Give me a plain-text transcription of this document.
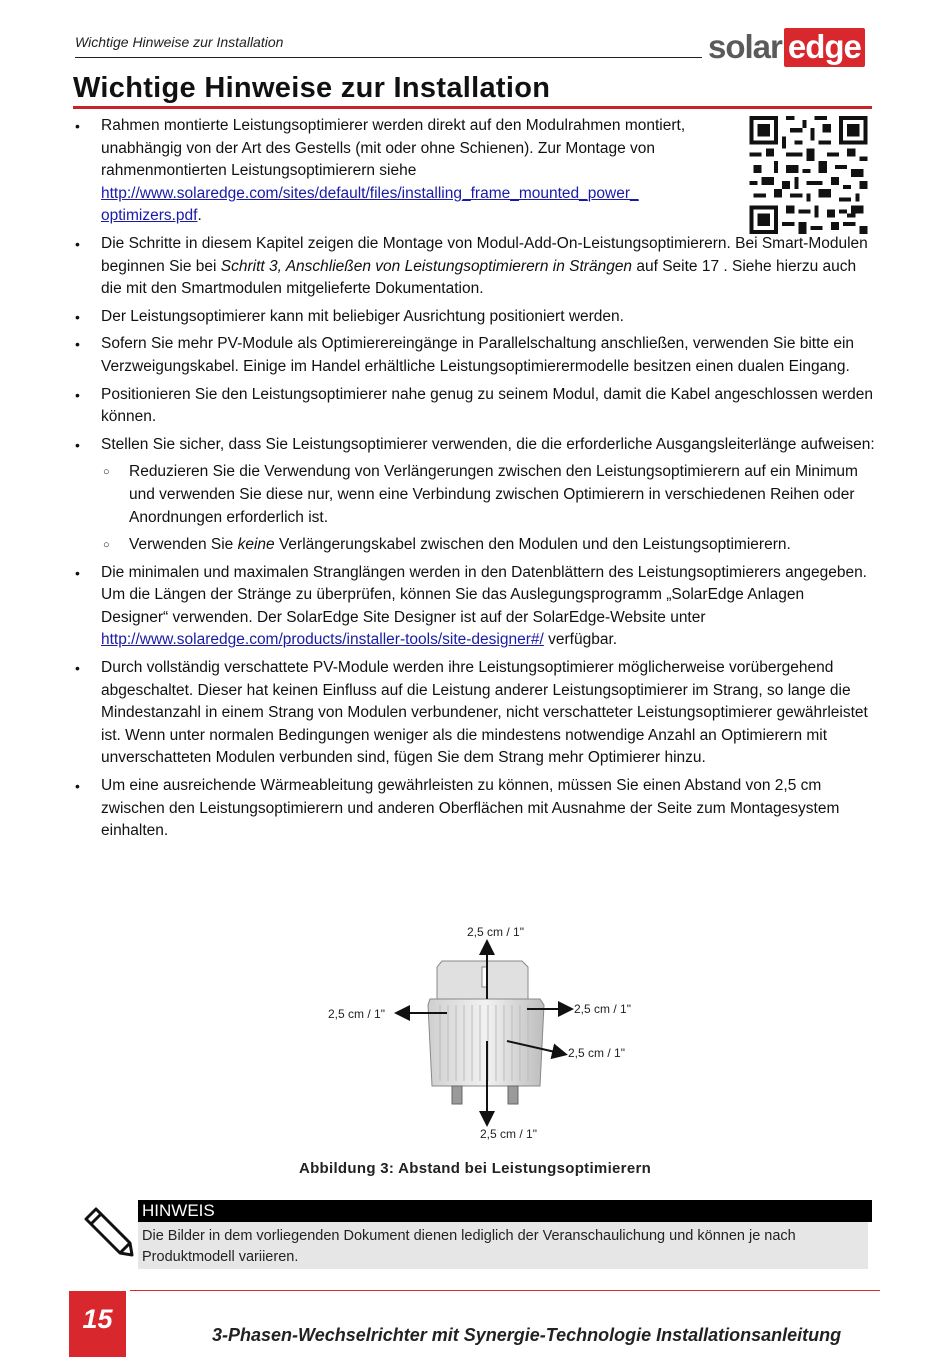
Wichtige Hinweise zur Installation	solar edge
Wichtige Hinweise zur Installation
• Rahmen montierte Leistungsoptimierer werden direkt auf den Modulrahmen montiert, unabhängig von der Art des Gestells (mit oder ohne Schienen). Zur Montage von rahmenmontierten Leistungsoptimierern siehe http://www.solaredge.com/sites/default/files/installing_frame_mounted_power_ optimizers.pdf.
• Die Schritte in diesem Kapitel zeigen die Montage von Modul-Add-On-Leistungsoptimierern. Bei Smart-Modulen beginnen Sie bei Schritt 3, Anschließen von Leistungsoptimierern in Strängen auf Seite 17 . Siehe hierzu auch die mit den Smartmodulen mitgelieferte Dokumentation.
• Der Leistungsoptimierer kann mit beliebiger Ausrichtung positioniert werden.
• Sofern Sie mehr PV-Module als Optimierereingänge in Parallelschaltung anschließen, verwenden Sie bitte ein Verzweigungskabel. Einige im Handel erhältliche Leistungsoptimierermodelle besitzen einen dualen Eingang.
• Positionieren Sie den Leistungsoptimierer nahe genug zu seinem Modul, damit die Kabel angeschlossen werden können.
• Stellen Sie sicher, dass Sie Leistungsoptimierer verwenden, die die erforderliche Ausgangsleiterlänge aufweisen:
○ Reduzieren Sie die Verwendung von Verlängerungen zwischen den Leistungsoptimierern auf ein Minimum und verwenden Sie diese nur, wenn eine Verbindung zwischen Optimierern in verschiedenen Reihen oder Anordnungen erforderlich ist.
○ Verwenden Sie keine Verlängerungskabel zwischen den Modulen und den Leistungsoptimierern.
• Die minimalen und maximalen Stranglängen werden in den Datenblättern des Leistungsoptimierers angegeben. Um die Längen der Stränge zu überprüfen, können Sie das Auslegungsprogramm „SolarEdge Anlagen Designer“ verwenden. Der SolarEdge Site Designer ist auf der SolarEdge-Website unter http://www.solaredge.com/products/installer-tools/site-designer#/ verfügbar.
• Durch vollständig verschattete PV-Module werden ihre Leistungsoptimierer möglicherweise vorübergehend abgeschaltet. Dieser hat keinen Einfluss auf die Leistung anderer Leistungsoptimierer im Strang, so lange die Mindestanzahl in einem Strang von Modulen verbundener, nicht verschatteter Leistungsoptimierer gewährleistet ist. Wenn unter normalen Bedingungen weniger als die mindestens notwendige Anzahl an Optimierern mit unverschatteten Modulen verbunden sind, fügen Sie dem Strang mehr Optimierer hinzu.
• Um eine ausreichende Wärmeableitung gewährleisten zu können, müssen Sie einen Abstand von 2,5 cm zwischen den Leistungsoptimierern und anderen Oberflächen mit Ausnahme der Seite zum Montagesystem einhalten.
2,5 cm / 1"
2,5 cm / 1"	2,5 cm / 1"
2,5 cm / 1"
2,5 cm / 1"
Abbildung 3: Abstand bei Leistungsoptimierern
HINWEIS
Die Bilder in dem vorliegenden Dokument dienen lediglich der Veranschaulichung und können je nach Produktmodell variieren.
15
3-Phasen-Wechselrichter mit Synergie-Technologie Installationsanleitung
